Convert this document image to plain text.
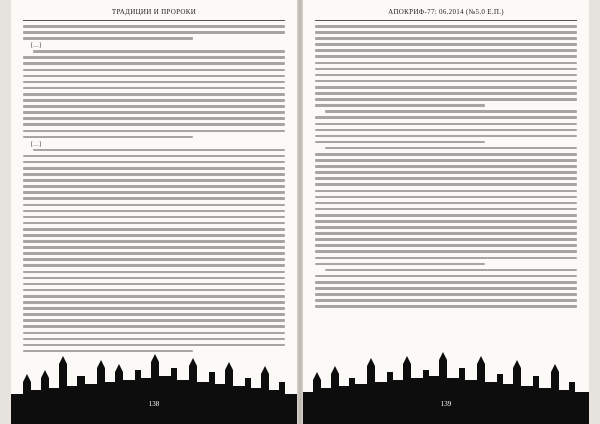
ТРАДИЦИИ И ПРОРОКИ
[…]
[…]
138
АПОКРИФ-77: 06.2014 (№5.0 Е.П.)
139
